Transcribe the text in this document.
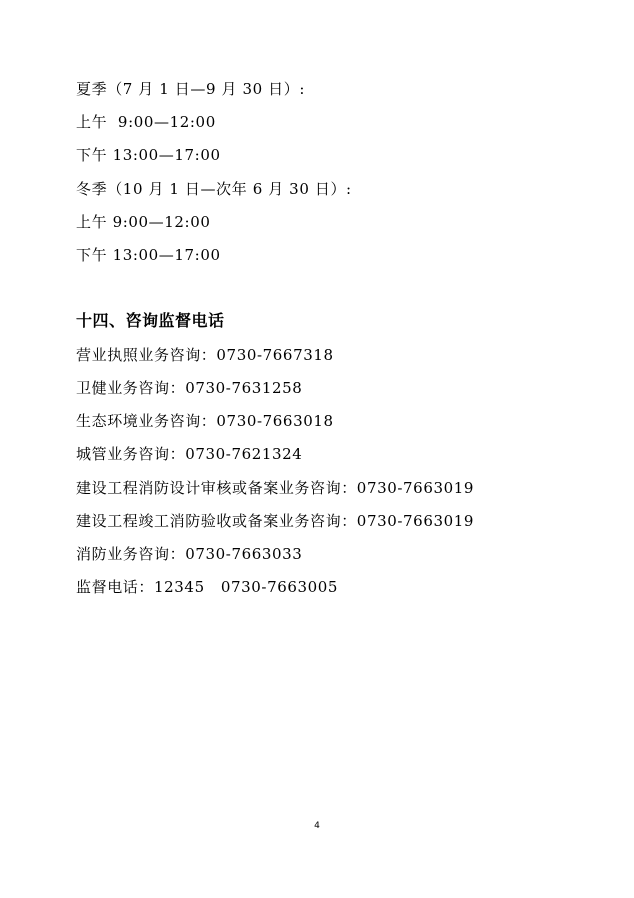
夏季（7 月 1 日—9 月 30 日）:
上午  9:00—12:00
下午 13:00—17:00
冬季（10 月 1 日—次年 6 月 30 日）:
上午 9:00—12:00
下午 13:00—17:00
十四、咨询监督电话
营业执照业务咨询：0730-7667318
卫健业务咨询：0730-7631258
生态环境业务咨询：0730-7663018
城管业务咨询：0730-7621324
建设工程消防设计审核或备案业务咨询：0730-7663019
建设工程竣工消防验收或备案业务咨询：0730-7663019
消防业务咨询：0730-7663033
监督电话：12345   0730-7663005
4
